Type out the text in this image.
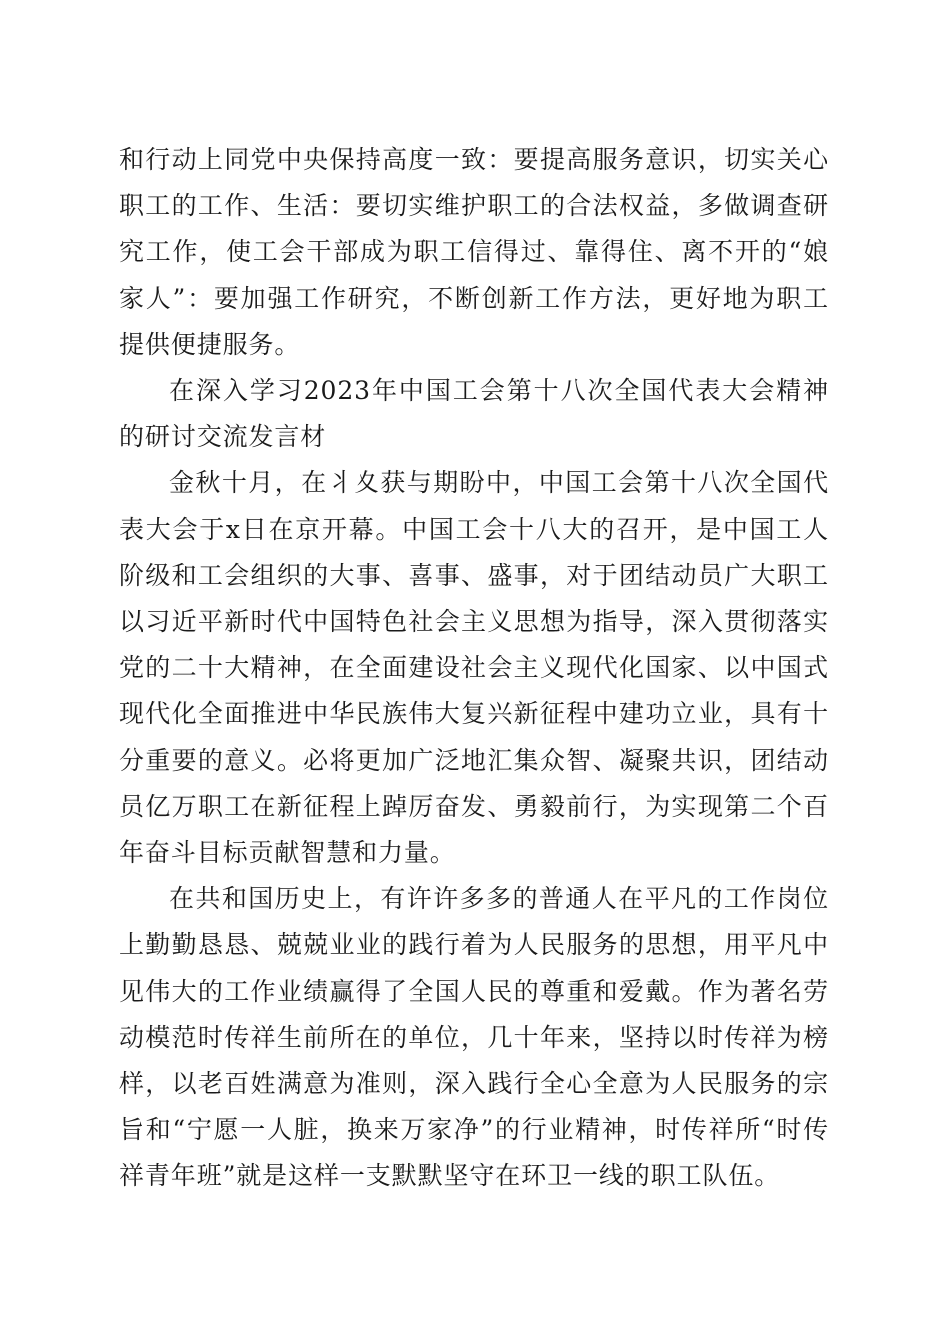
和行动上同党中央保持高度一致：要提高服务意识，切实关心职工的工作、生活：要切实维护职工的合法权益，多做调查研究工作，使工会干部成为职工信得过、靠得住、离不开的“娘家人”：要加强工作研究，不断创新工作方法，更好地为职工提供便捷服务。

在深入学习2023年中国工会第十八次全国代表大会精神的研讨交流发言材

金秋十月，在丬夊获与期盼中，中国工会第十八次全国代表大会于x日在京开幕。中国工会十八大的召开，是中国工人阶级和工会组织的大事、喜事、盛事，对于团结动员广大职工以习近平新时代中国特色社会主义思想为指导，深入贯彻落实党的二十大精神，在全面建设社会主义现代化国家、以中国式现代化全面推进中华民族伟大复兴新征程中建功立业，具有十分重要的意义。必将更加广泛地汇集众智、凝聚共识，团结动员亿万职工在新征程上踔厉奋发、勇毅前行，为实现第二个百年奋斗目标贡献智慧和力量。

在共和国历史上，有许许多多的普通人在平凡的工作岗位上勤勤恳恳、兢兢业业的践行着为人民服务的思想，用平凡中见伟大的工作业绩赢得了全国人民的尊重和爱戴。作为著名劳动模范时传祥生前所在的单位，几十年来，坚持以时传祥为榜样，以老百姓满意为准则，深入践行全心全意为人民服务的宗旨和“宁愿一人脏，换来万家净”的行业精神，时传祥所“时传祥青年班”就是这样一支默默坚守在环卫一线的职工队伍。
